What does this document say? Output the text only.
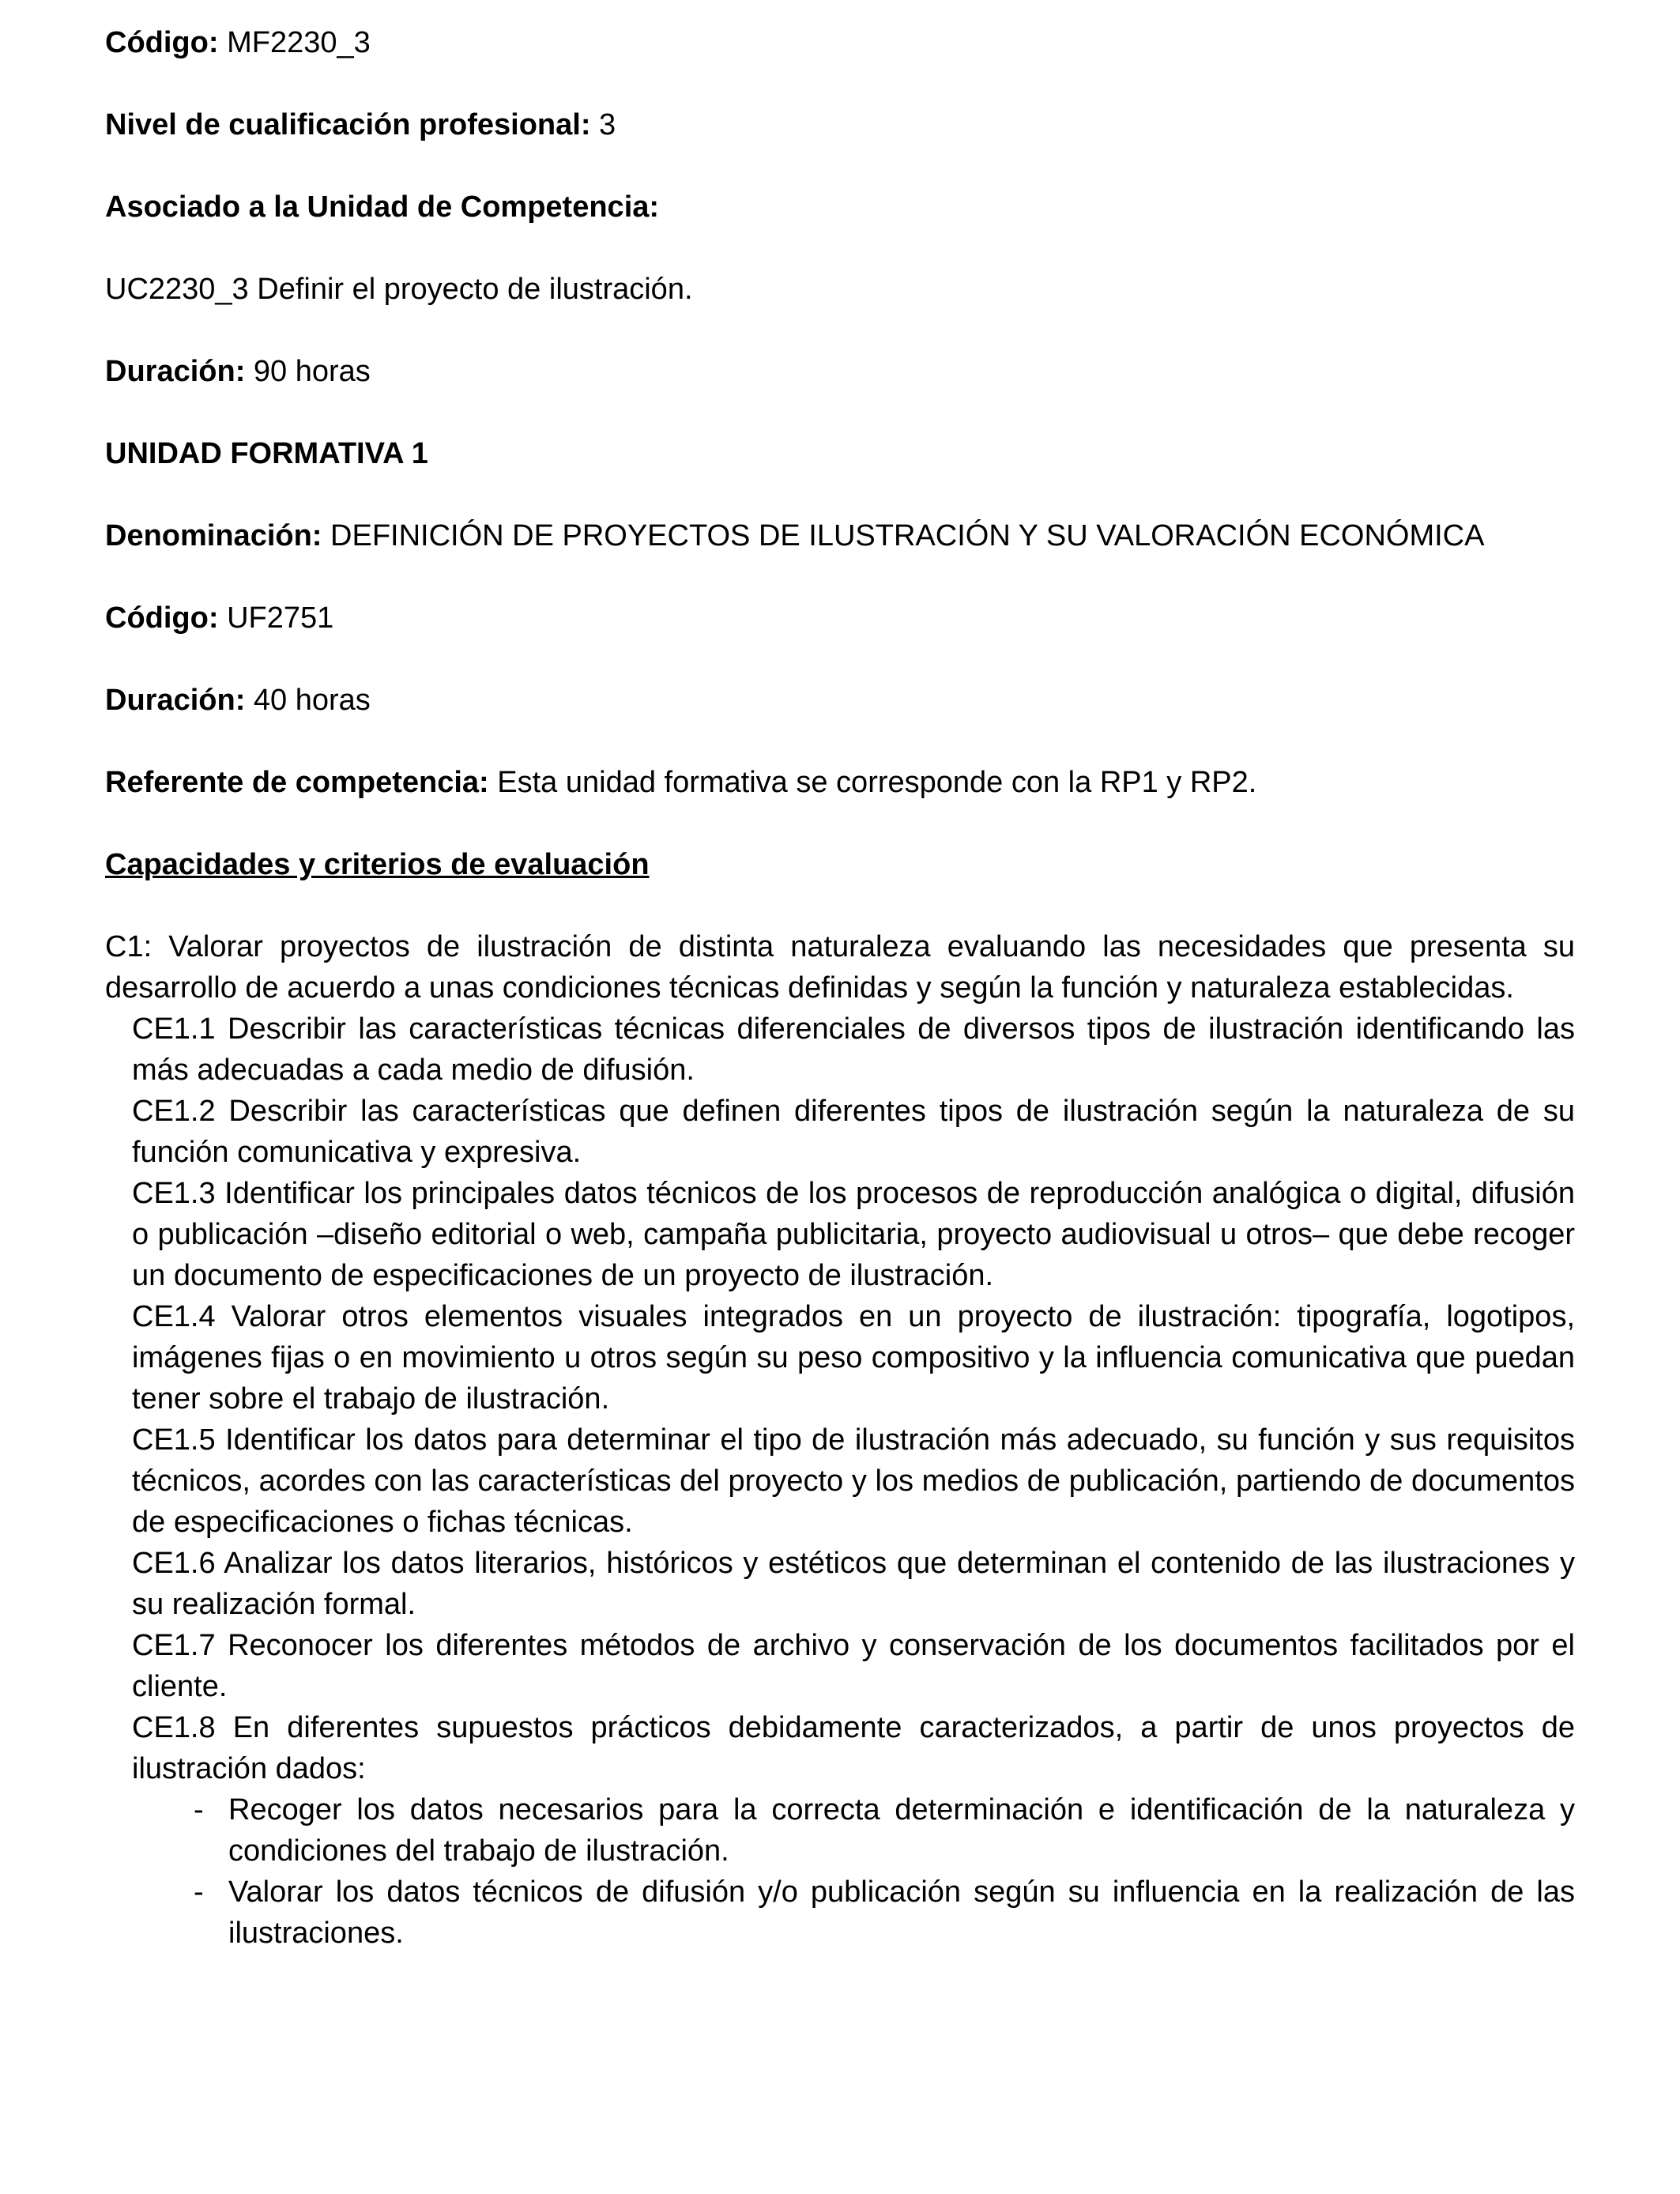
Código: MF2230_3

Nivel de cualificación profesional: 3

Asociado a la Unidad de Competencia:

UC2230_3 Definir el proyecto de ilustración.

Duración: 90 horas

UNIDAD FORMATIVA 1

Denominación: DEFINICIÓN DE PROYECTOS DE ILUSTRACIÓN Y SU VALORACIÓN ECONÓMICA

Código: UF2751

Duración: 40 horas

Referente de competencia: Esta unidad formativa se corresponde con la RP1 y RP2.

Capacidades y criterios de evaluación

C1: Valorar proyectos de ilustración de distinta naturaleza evaluando las necesidades que presenta su desarrollo de acuerdo a unas condiciones técnicas definidas y según la función y naturaleza establecidas.

CE1.1 Describir las características técnicas diferenciales de diversos tipos de ilustración identificando las más adecuadas a cada medio de difusión.

CE1.2 Describir las características que definen diferentes tipos de ilustración según la naturaleza de su función comunicativa y expresiva.

CE1.3 Identificar los principales datos técnicos de los procesos de reproducción analógica o digital, difusión o publicación –diseño editorial o web, campaña publicitaria, proyecto audiovisual u otros– que debe recoger un documento de especificaciones de un proyecto de ilustración.

CE1.4 Valorar otros elementos visuales integrados en un proyecto de ilustración: tipografía, logotipos, imágenes fijas o en movimiento u otros según su peso compositivo y la influencia comunicativa que puedan tener sobre el trabajo de ilustración.

CE1.5 Identificar los datos para determinar el tipo de ilustración más adecuado, su función y sus requisitos técnicos, acordes con las características del proyecto y los medios de publicación, partiendo de documentos de especificaciones o fichas técnicas.

CE1.6 Analizar los datos literarios, históricos y estéticos que determinan el contenido de las ilustraciones y su realización formal.

CE1.7 Reconocer los diferentes métodos de archivo y conservación de los documentos facilitados por el cliente.

CE1.8 En diferentes supuestos prácticos debidamente caracterizados, a partir de unos proyectos de ilustración dados:

- Recoger los datos necesarios para la correcta determinación e identificación de la naturaleza y condiciones del trabajo de ilustración.
- Valorar los datos técnicos de difusión y/o publicación según su influencia en la realización de las ilustraciones.
